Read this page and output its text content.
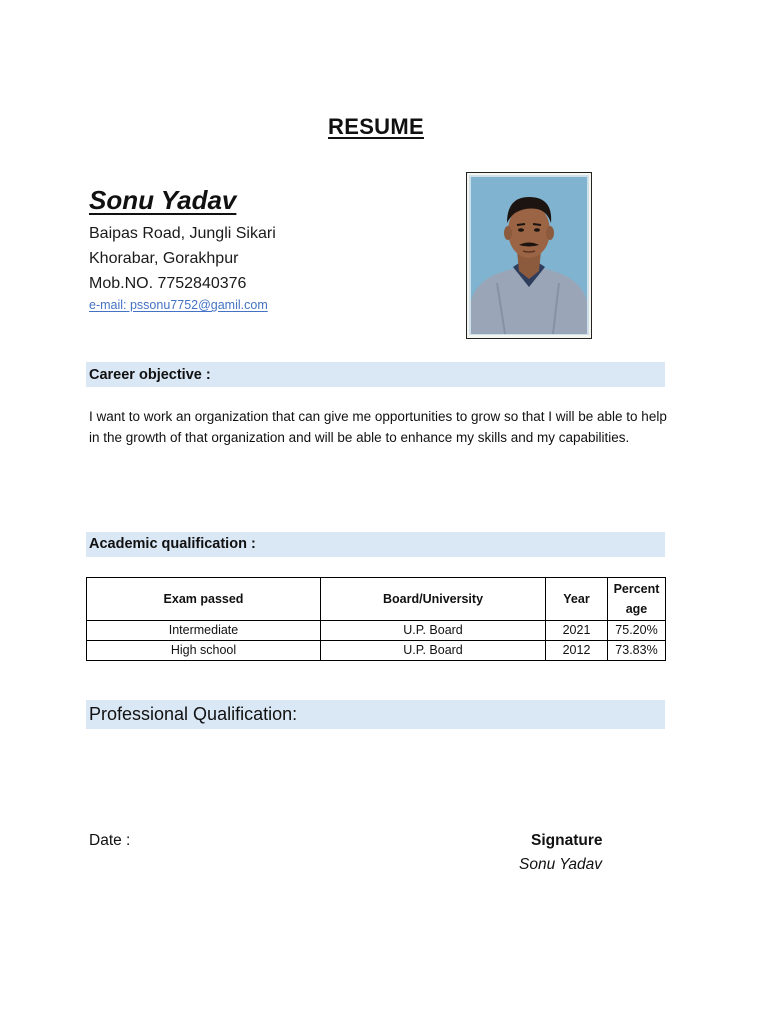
RESUME
Sonu Yadav
Baipas Road, Jungli Sikari
Khorabar, Gorakhpur
Mob.NO. 7752840376
e-mail: pssonu7752@gamil.com
Career objective :
I want to work an organization that can give me opportunities to grow so that I will be able to help in the growth of that organization and will be able to enhance my skills and my capabilities.
Academic qualification :
Exam passed	Board/University	Year	Percent age
Intermediate	U.P. Board	2021	75.20%
High school	U.P. Board	2012	73.83%
Professional Qualification:
Date :	Signature
Sonu Yadav
